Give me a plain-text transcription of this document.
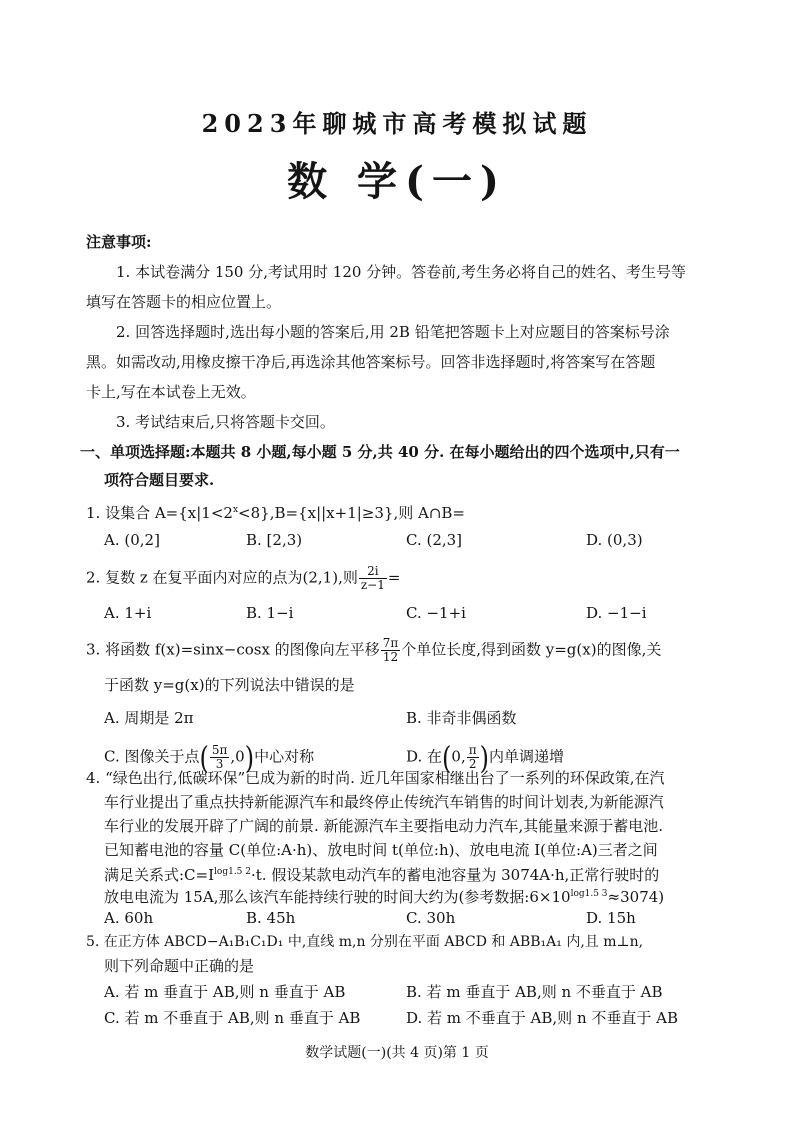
2023年聊城市高考模拟试题
数 学(一)
注意事项:
1. 本试卷满分 150 分,考试用时 120 分钟。答卷前,考生务必将自己的姓名、考生号等
填写在答题卡的相应位置上。
2. 回答选择题时,选出每小题的答案后,用 2B 铅笔把答题卡上对应题目的答案标号涂
黑。如需改动,用橡皮擦干净后,再选涂其他答案标号。回答非选择题时,将答案写在答题
卡上,写在本试卷上无效。
3. 考试结束后,只将答题卡交回。
一、单项选择题:本题共 8 小题,每小题 5 分,共 40 分. 在每小题给出的四个选项中,只有一
项符合题目要求.
1. 设集合 $A=\{x|1<2^x<8\},B=\{x||x+1|\ge 3\}$,则 A∩B=
A. (0,2]	B. [2,3)	C. (2,3]	D. (0,3)
2. 复数 z 在复平面内对应的点为(2,1),则 $\frac{2i}{z-1}$ =
A. 1+i	B. 1−i	C. −1+i	D. −1−i
3. 将函数 f(x)=sinx−cosx 的图像向左平移 $\frac{7\pi}{12}$ 个单位长度,得到函数 y=g(x)的图像,关
于函数 y=g(x)的下列说法中错误的是
A. 周期是 2π	B. 非奇非偶函数
C. 图像关于点( $\frac{5\pi}{3} ,0$)中心对称	D. 在(0, $\frac{\pi}{2}$ )内单调递增
4. “绿色出行,低碳环保”已成为新的时尚. 近几年国家相继出台了一系列的环保政策,在汽
车行业提出了重点扶持新能源汽车和最终停止传统汽车销售的时间计划表,为新能源汽
车行业的发展开辟了广阔的前景. 新能源汽车主要指电动力汽车,其能量来源于蓄电池.
已知蓄电池的容量 C(单位:A·h)、放电时间 t(单位:h)、放电电流 I(单位:A)三者之间
满足关系式$:C=I^{log1.5 2}\cdot t$. 假设某款电动汽车的蓄电池容量为 3074A·h,正常行驶时的
放电电流为 15A,那么该汽车能持续行驶的时间大约为(参考数据$:6\times 10^{log1.5 3}\approx 3074$)
A. 60h	B. 45h	C. 30h	D. 15h
5. 在正方体 ABCD−A₁B₁C₁D₁ 中,直线 m,n 分别在平面 ABCD 和 ABB₁A₁ 内,且 m⊥n,
则下列命题中正确的是
数学试题(一)(共 4 页)第 1 页
A. 若 m 垂直于 AB,则 n 垂直于 AB	B. 若 m 垂直于 AB,则 n 不垂直于 AB
C. 若 m 不垂直于 AB,则 n 垂直于 AB	D. 若 m 不垂直于 AB,则 n 不垂直于 AB
